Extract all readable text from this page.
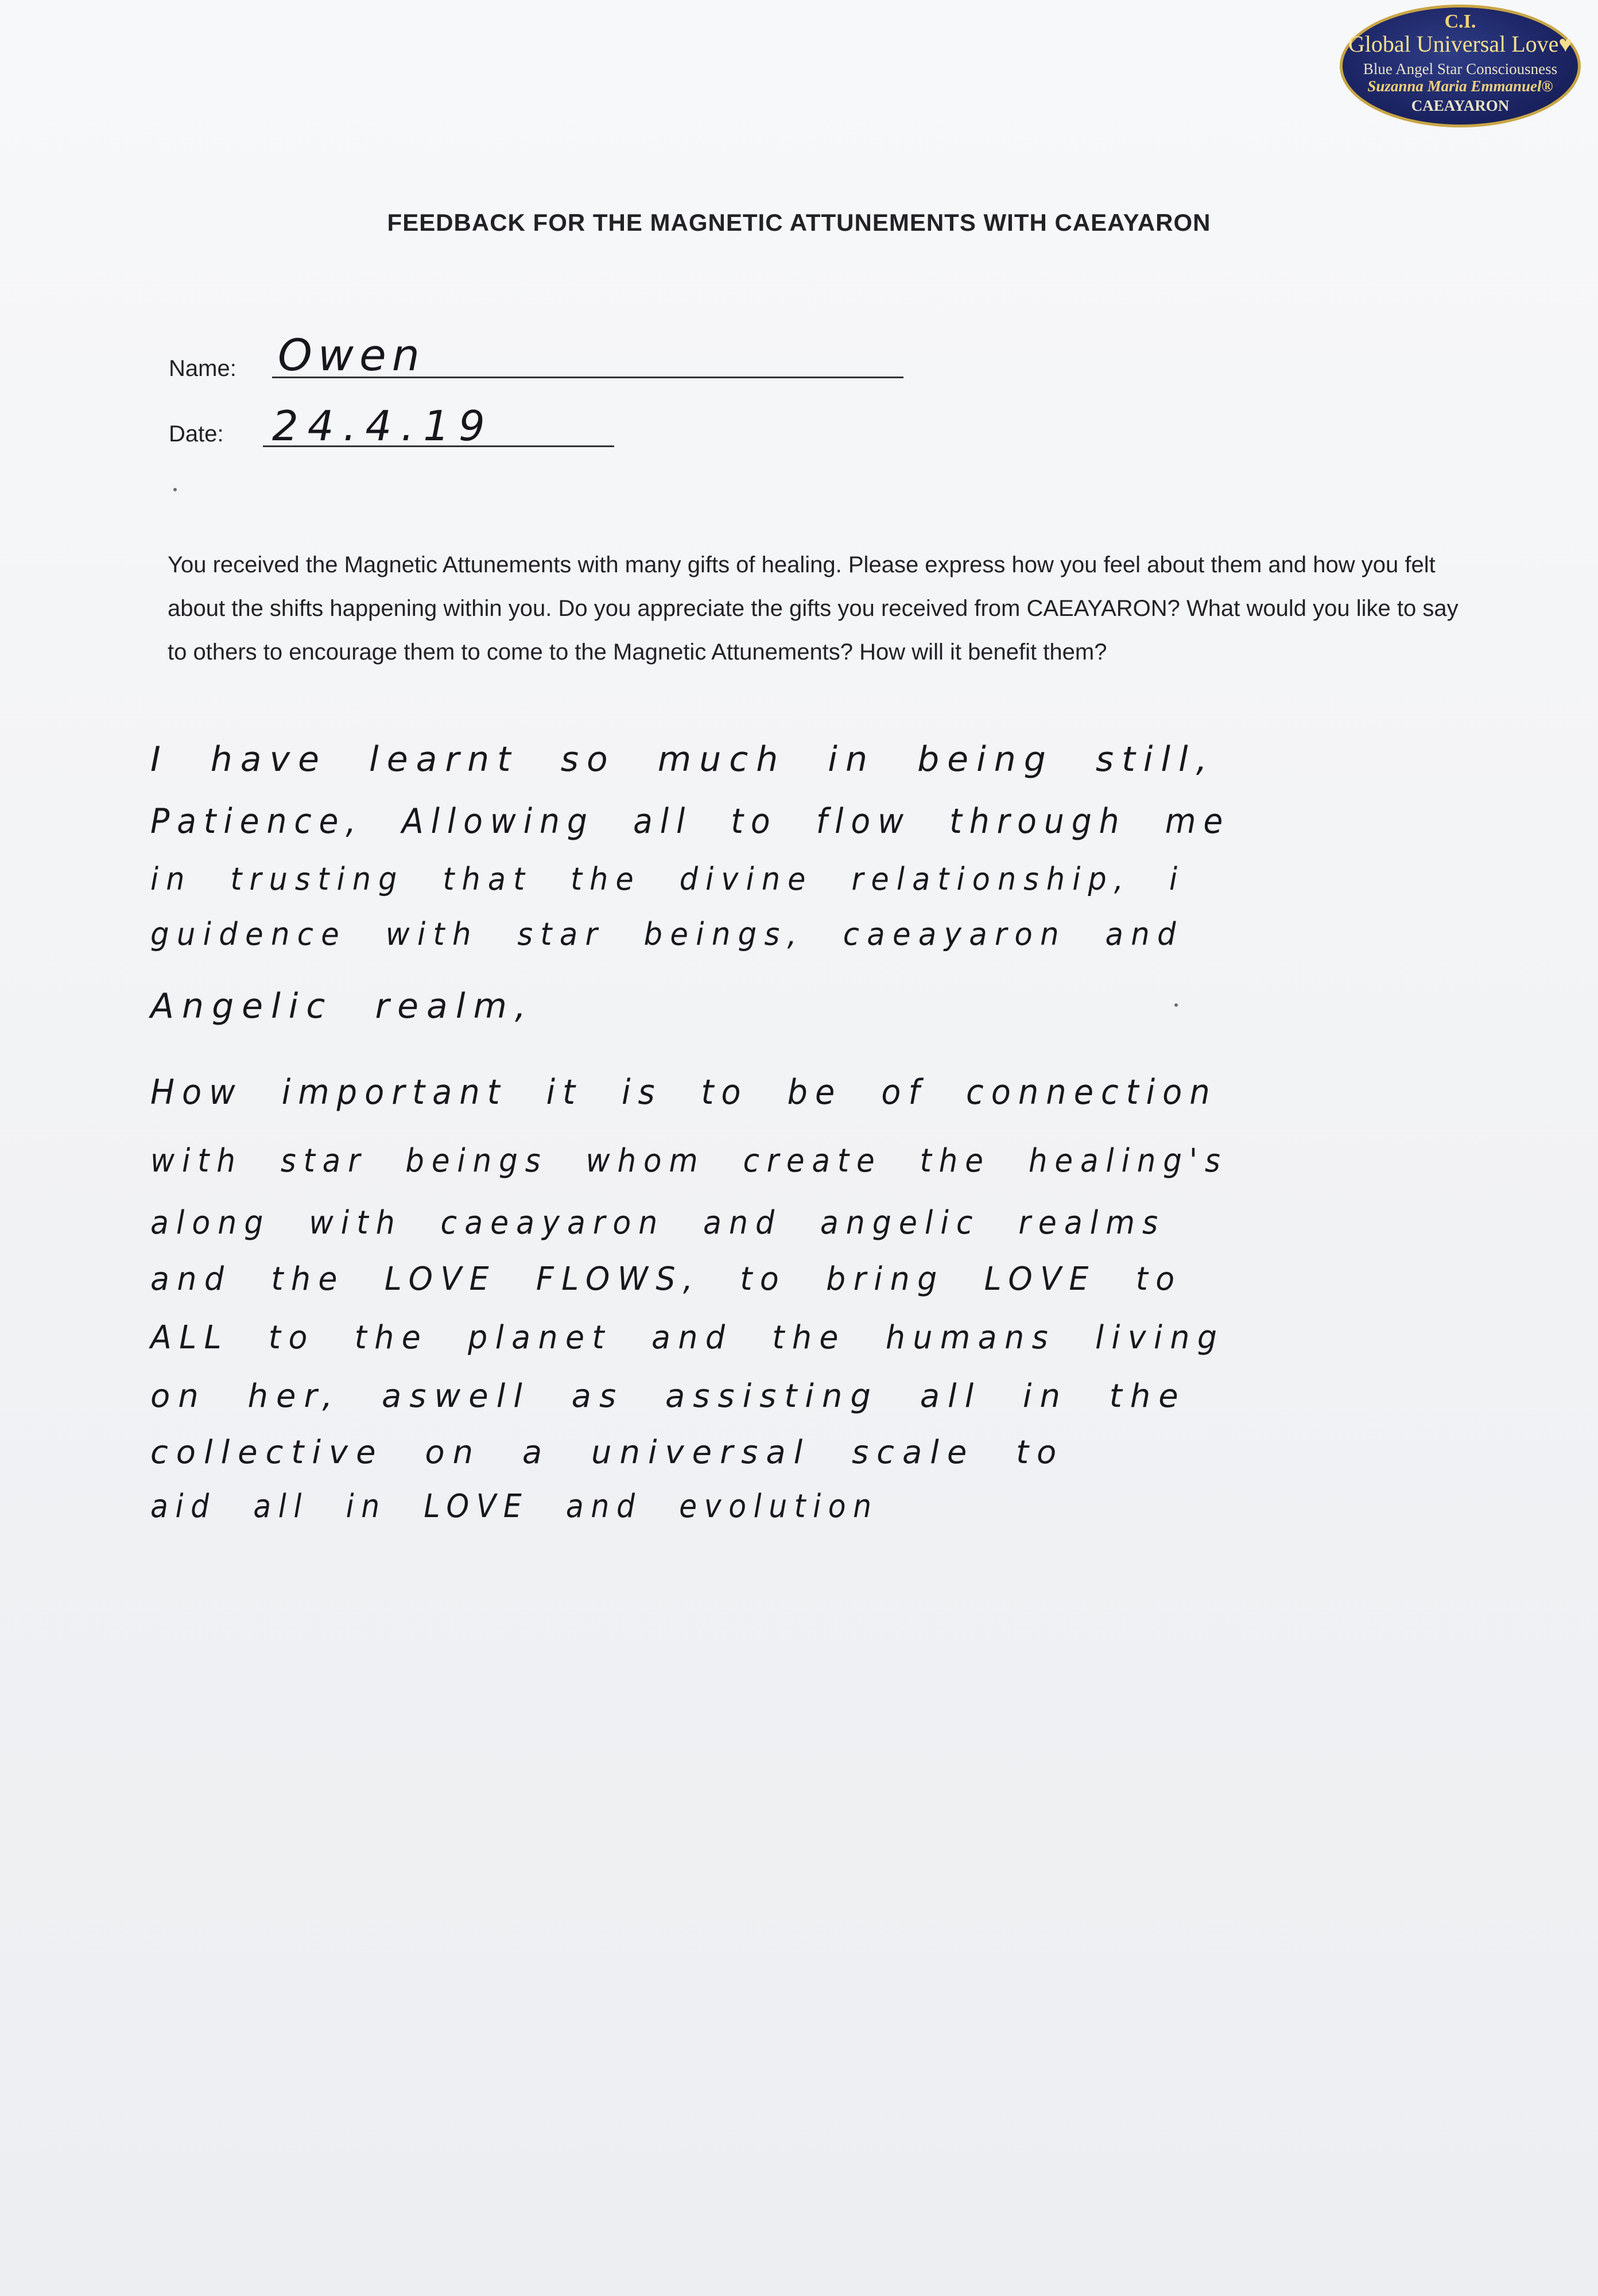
C.I.
Global Universal Love♥
Blue Angel Star Consciousness
Suzanna Maria Emmanuel®
CAEAYARON
FEEDBACK FOR THE MAGNETIC ATTUNEMENTS WITH CAEAYARON
Name: Owen
Date: 24.4.19
You received the Magnetic Attunements with many gifts of healing. Please express how you feel about them and how you felt about the shifts happening within you. Do you appreciate the gifts you received from CAEAYARON? What would you like to say to others to encourage them to come to the Magnetic Attunements? How will it benefit them?
I have learnt so much in being still,
Patience, Allowing all to flow through me
in trusting that the divine relationship, i
guidence with star beings, caeayaron and
Angelic realm,
How important it is to be of connection
with star beings whom create the healing's
along with caeayaron and angelic realms
and the LOVE FLOWS, to bring LOVE to
ALL to the planet and the humans living
on her, aswell as assisting all in the
collective on a universal scale to
aid all in LOVE and evolution
